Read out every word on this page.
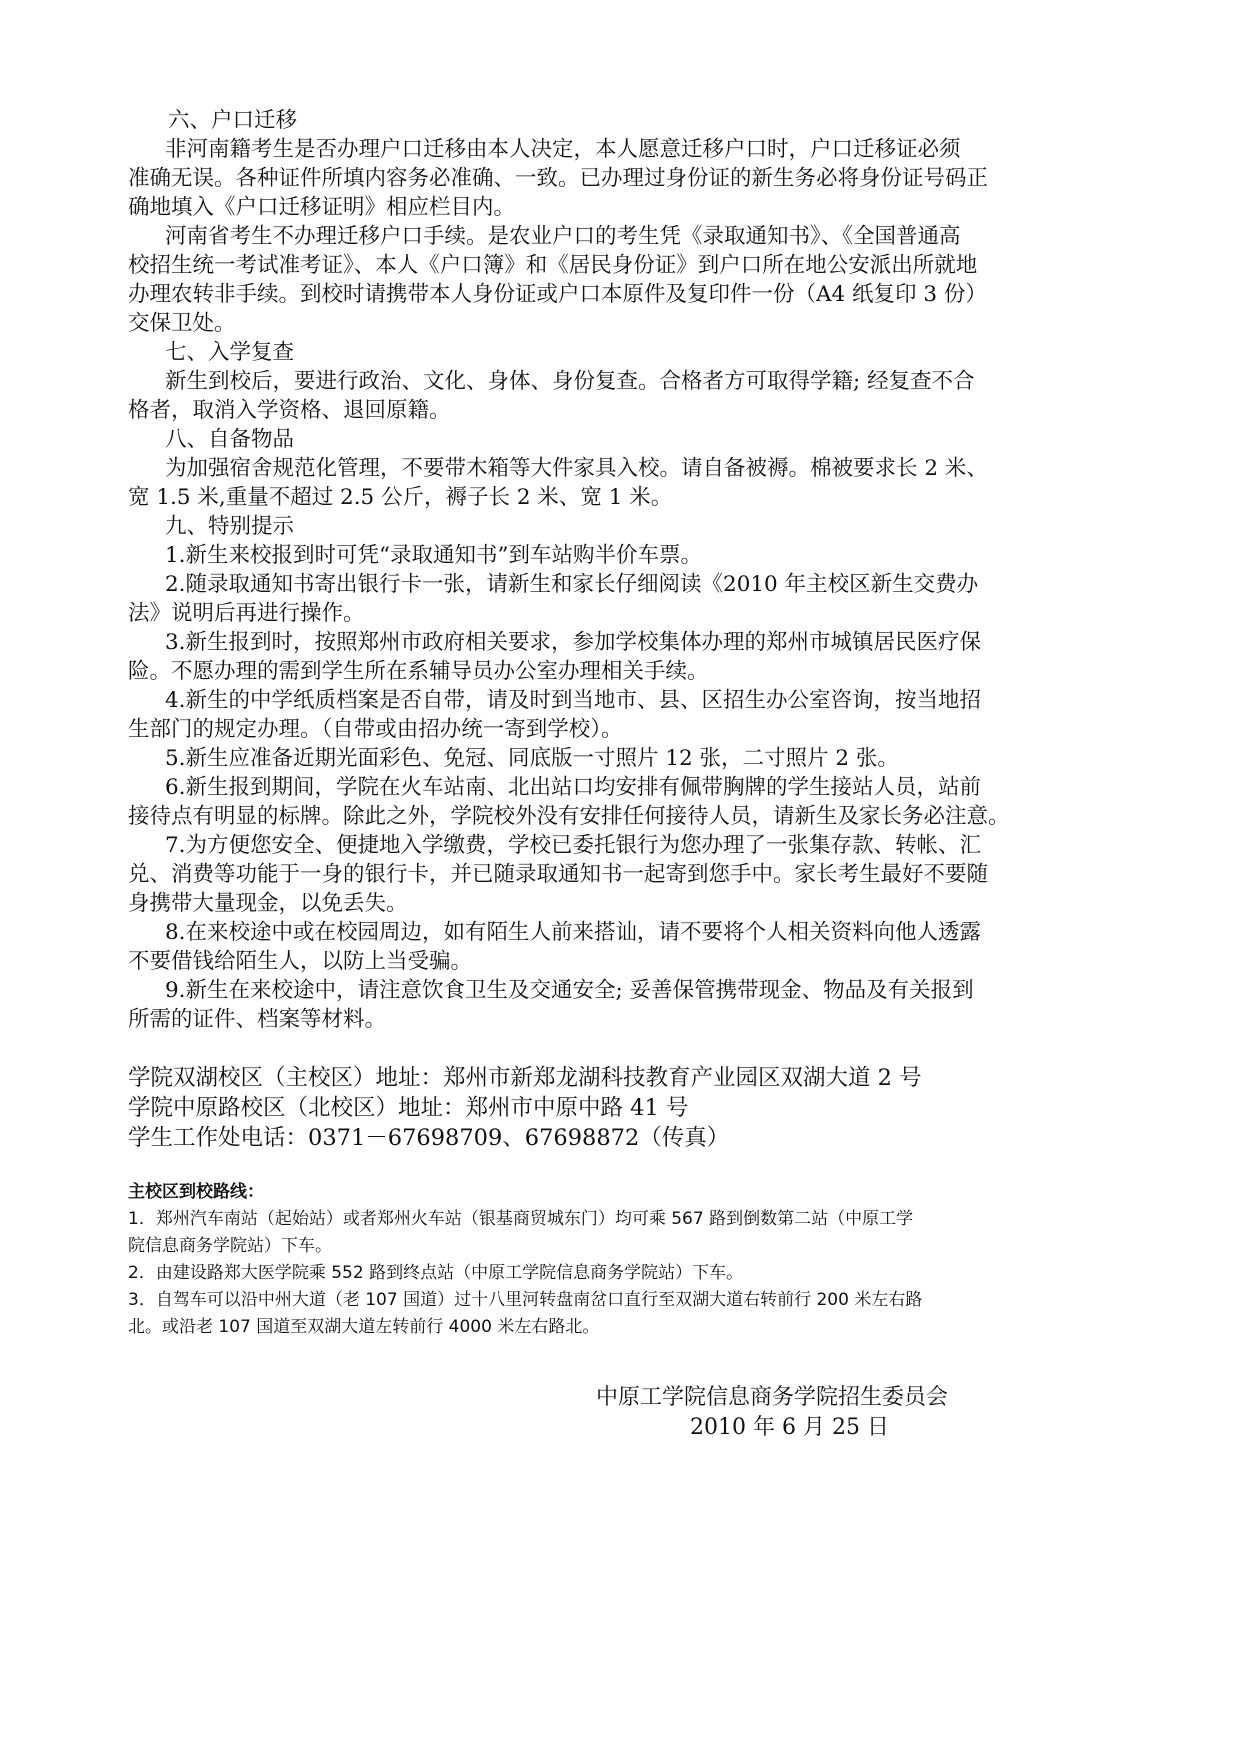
六、户口迁移
非河南籍考生是否办理户口迁移由本人决定，本人愿意迁移户口时，户口迁移证必须
准确无误。各种证件所填内容务必准确、一致。已办理过身份证的新生务必将身份证号码正
确地填入《户口迁移证明》相应栏目内。
河南省考生不办理迁移户口手续。是农业户口的考生凭《录取通知书》、《全国普通高
校招生统一考试准考证》、本人《户口簿》和《居民身份证》到户口所在地公安派出所就地
办理农转非手续。到校时请携带本人身份证或户口本原件及复印件一份（A4 纸复印 3 份）
交保卫处。
七、入学复查
新生到校后，要进行政治、文化、身体、身份复查。合格者方可取得学籍; 经复查不合
格者，取消入学资格、退回原籍。
八、自备物品
为加强宿舍规范化管理，不要带木箱等大件家具入校。请自备被褥。棉被要求长 2 米、
宽 1.5 米,重量不超过 2.5 公斤，褥子长 2 米、宽 1 米。
九、特别提示
1.新生来校报到时可凭“录取通知书”到车站购半价车票。
2.随录取通知书寄出银行卡一张，请新生和家长仔细阅读《2010 年主校区新生交费办
法》说明后再进行操作。
3.新生报到时，按照郑州市政府相关要求，参加学校集体办理的郑州市城镇居民医疗保
险。不愿办理的需到学生所在系辅导员办公室办理相关手续。
4.新生的中学纸质档案是否自带，请及时到当地市、县、区招生办公室咨询，按当地招
生部门的规定办理。（自带或由招办统一寄到学校）。
5.新生应准备近期光面彩色、免冠、同底版一寸照片 12 张，二寸照片 2 张。
6.新生报到期间，学院在火车站南、北出站口均安排有佩带胸牌的学生接站人员，站前
接待点有明显的标牌。除此之外，学院校外没有安排任何接待人员，请新生及家长务必注意。
7.为方便您安全、便捷地入学缴费，学校已委托银行为您办理了一张集存款、转帐、汇
兑、消费等功能于一身的银行卡，并已随录取通知书一起寄到您手中。家长考生最好不要随
身携带大量现金，以免丢失。
8.在来校途中或在校园周边，如有陌生人前来搭讪，请不要将个人相关资料向他人透露
不要借钱给陌生人，以防上当受骗。
9.新生在来校途中，请注意饮食卫生及交通安全; 妥善保管携带现金、物品及有关报到
所需的证件、档案等材料。
学院双湖校区（主校区）地址：郑州市新郑龙湖科技教育产业园区双湖大道 2 号
学院中原路校区（北校区）地址：郑州市中原中路 41 号
学生工作处电话：0371－67698709、67698872（传真）
主校区到校路线：
1．郑州汽车南站（起始站）或者郑州火车站（银基商贸城东门）均可乘 567 路到倒数第二站（中原工学
院信息商务学院站）下车。
2．由建设路郑大医学院乘 552 路到终点站（中原工学院信息商务学院站）下车。
3．自驾车可以沿中州大道（老 107 国道）过十八里河转盘南岔口直行至双湖大道右转前行 200 米左右路
北。或沿老 107 国道至双湖大道左转前行 4000 米左右路北。
中原工学院信息商务学院招生委员会
2010 年 6 月 25 日
